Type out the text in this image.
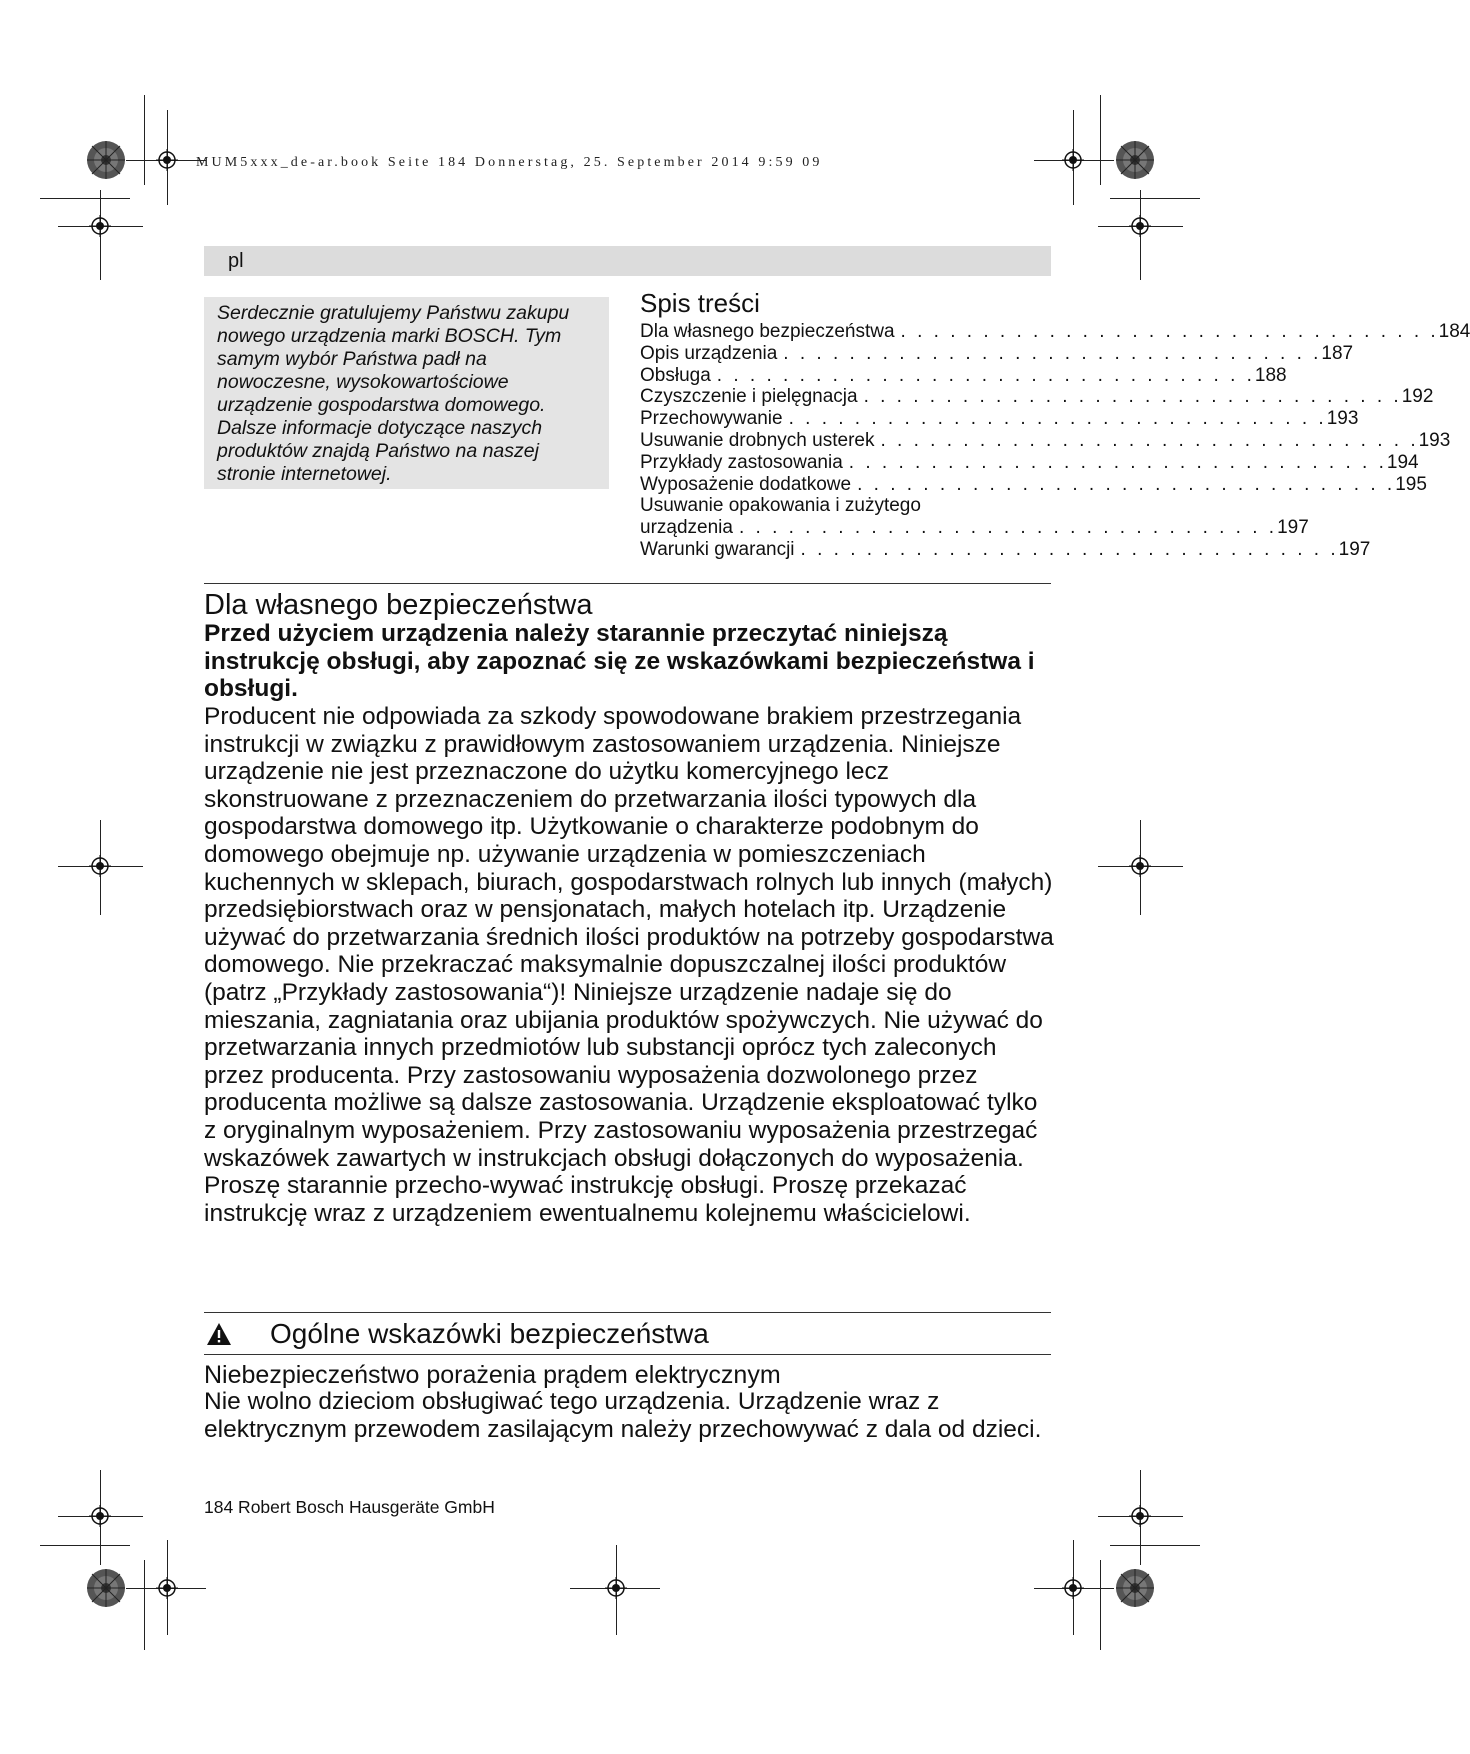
MUM5xxx_de-ar.book Seite 184 Donnerstag, 25. September 2014 9:59 09
pl

Serdecznie gratulujemy Państwu zakupu nowego urządzenia marki BOSCH. Tym samym wybór Państwa padł na nowoczesne, wysokowartościowe urządzenie gospodarstwa domowego. Dalsze informacje dotyczące naszych produktów znajdą Państwo na naszej stronie internetowej.

Spis treści
Dla własnego bezpieczeństwa . . . . . . . . . . . . . . . . . . . . . . . . . . . . . . . . . 184
Opis urządzenia . . . . . . . . . . . . . . . . . . . . . . . . . . . . . . . . . 187
Obsługa . . . . . . . . . . . . . . . . . . . . . . . . . . . . . . . . . 188
Czyszczenie i pielęgnacja . . . . . . . . . . . . . . . . . . . . . . . . . . . . . . . . . 192
Przechowywanie . . . . . . . . . . . . . . . . . . . . . . . . . . . . . . . . . 193
Usuwanie drobnych usterek . . . . . . . . . . . . . . . . . . . . . . . . . . . . . . . . . 193
Przykłady zastosowania . . . . . . . . . . . . . . . . . . . . . . . . . . . . . . . . . 194
Wyposażenie dodatkowe . . . . . . . . . . . . . . . . . . . . . . . . . . . . . . . . . 195
Usuwanie opakowania i zużytego
urządzenia . . . . . . . . . . . . . . . . . . . . . . . . . . . . . . . . . 197
Warunki gwarancji . . . . . . . . . . . . . . . . . . . . . . . . . . . . . . . . . 197
Dla własnego bezpieczeństwa

Przed użyciem urządzenia należy starannie przeczytać niniejszą instrukcję obsługi, aby zapoznać się ze wskazówkami bezpieczeństwa i obsługi.

Producent nie odpowiada za szkody spowodowane brakiem przestrzegania instrukcji w związku z prawidłowym zastosowaniem urządzenia. Niniejsze urządzenie nie jest przeznaczone do użytku komercyjnego lecz skonstruowane z przeznaczeniem do przetwarzania ilości typowych dla gospodarstwa domowego itp. Użytkowanie o charakterze podobnym do domowego obejmuje np. używanie urządzenia w pomieszczeniach kuchennych w sklepach, biurach, gospodarstwach rolnych lub innych (małych) przedsiębiorstwach oraz w pensjonatach, małych hotelach itp. Urządzenie używać do przetwarzania średnich ilości produktów na potrzeby gospodarstwa domowego. Nie przekraczać maksymalnie dopuszczalnej ilości produktów (patrz „Przykłady zastosowania“)! Niniejsze urządzenie nadaje się do mieszania, zagniatania oraz ubijania produktów spożywczych. Nie używać do przetwarzania innych przedmiotów lub substancji oprócz tych zaleconych przez producenta. Przy zastosowaniu wyposażenia dozwolonego przez producenta możliwe są dalsze zastosowania. Urządzenie eksploatować tylko z oryginalnym wyposażeniem. Przy zastosowaniu wyposażenia przestrzegać wskazówek zawartych w instrukcjach obsługi dołączonych do wyposażenia. Proszę starannie przecho-wywać instrukcję obsługi. Proszę przekazać instrukcję wraz z urządzeniem ewentualnemu kolejnemu właścicielowi.

Ogólne wskazówki bezpieczeństwa
Niebezpieczeństwo porażenia prądem elektrycznym

Nie wolno dzieciom obsługiwać tego urządzenia. Urządzenie wraz z elektrycznym przewodem zasilającym należy przechowywać z dala od dzieci.

184 Robert Bosch Hausgeräte GmbH
